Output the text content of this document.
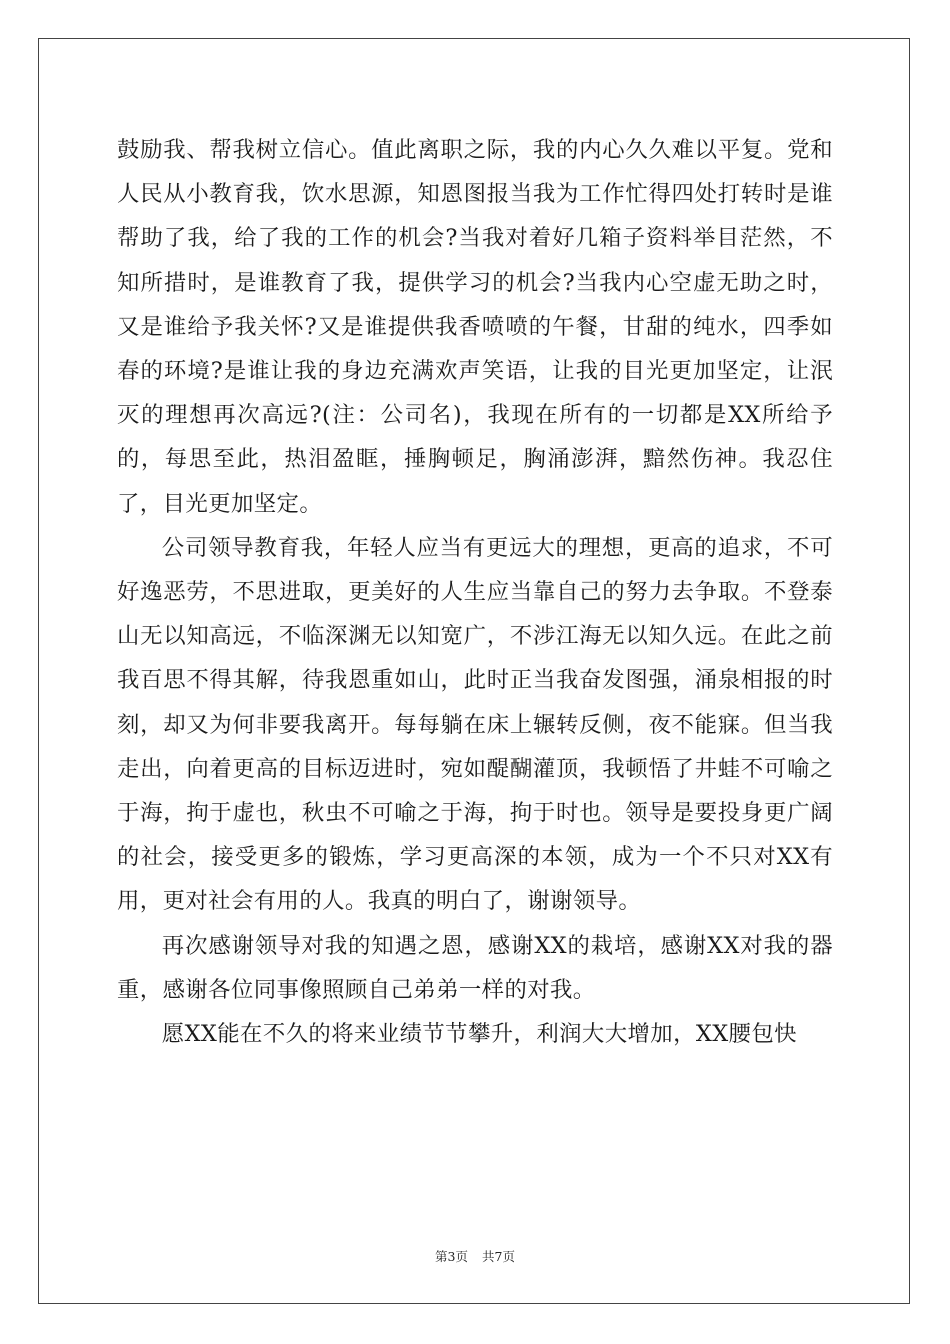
鼓励我、帮我树立信心。值此离职之际，我的内心久久难以平复。党和人民从小教育我，饮水思源，知恩图报当我为工作忙得四处打转时是谁帮助了我，给了我的工作的机会?当我对着好几箱子资料举目茫然，不知所措时，是谁教育了我，提供学习的机会?当我内心空虚无助之时，又是谁给予我关怀?又是谁提供我香喷喷的午餐，甘甜的纯水，四季如春的环境?是谁让我的身边充满欢声笑语，让我的目光更加坚定，让泯灭的理想再次高远?(注：公司名)，我现在所有的一切都是XX所给予的，每思至此，热泪盈眶，捶胸顿足，胸涌澎湃，黯然伤神。我忍住了，目光更加坚定。

公司领导教育我，年轻人应当有更远大的理想，更高的追求，不可好逸恶劳，不思进取，更美好的人生应当靠自己的努力去争取。不登泰山无以知高远，不临深渊无以知宽广，不涉江海无以知久远。在此之前我百思不得其解，待我恩重如山，此时正当我奋发图强，涌泉相报的时刻，却又为何非要我离开。每每躺在床上辗转反侧，夜不能寐。但当我走出，向着更高的目标迈进时，宛如醍醐灌顶，我顿悟了井蛙不可喻之于海，拘于虚也，秋虫不可喻之于海，拘于时也。领导是要投身更广阔的社会，接受更多的锻炼，学习更高深的本领，成为一个不只对XX有用，更对社会有用的人。我真的明白了，谢谢领导。

再次感谢领导对我的知遇之恩，感谢XX的栽培，感谢XX对我的器重，感谢各位同事像照顾自己弟弟一样的对我。

愿XX能在不久的将来业绩节节攀升，利润大大增加，XX腰包快

第3页 共7页
